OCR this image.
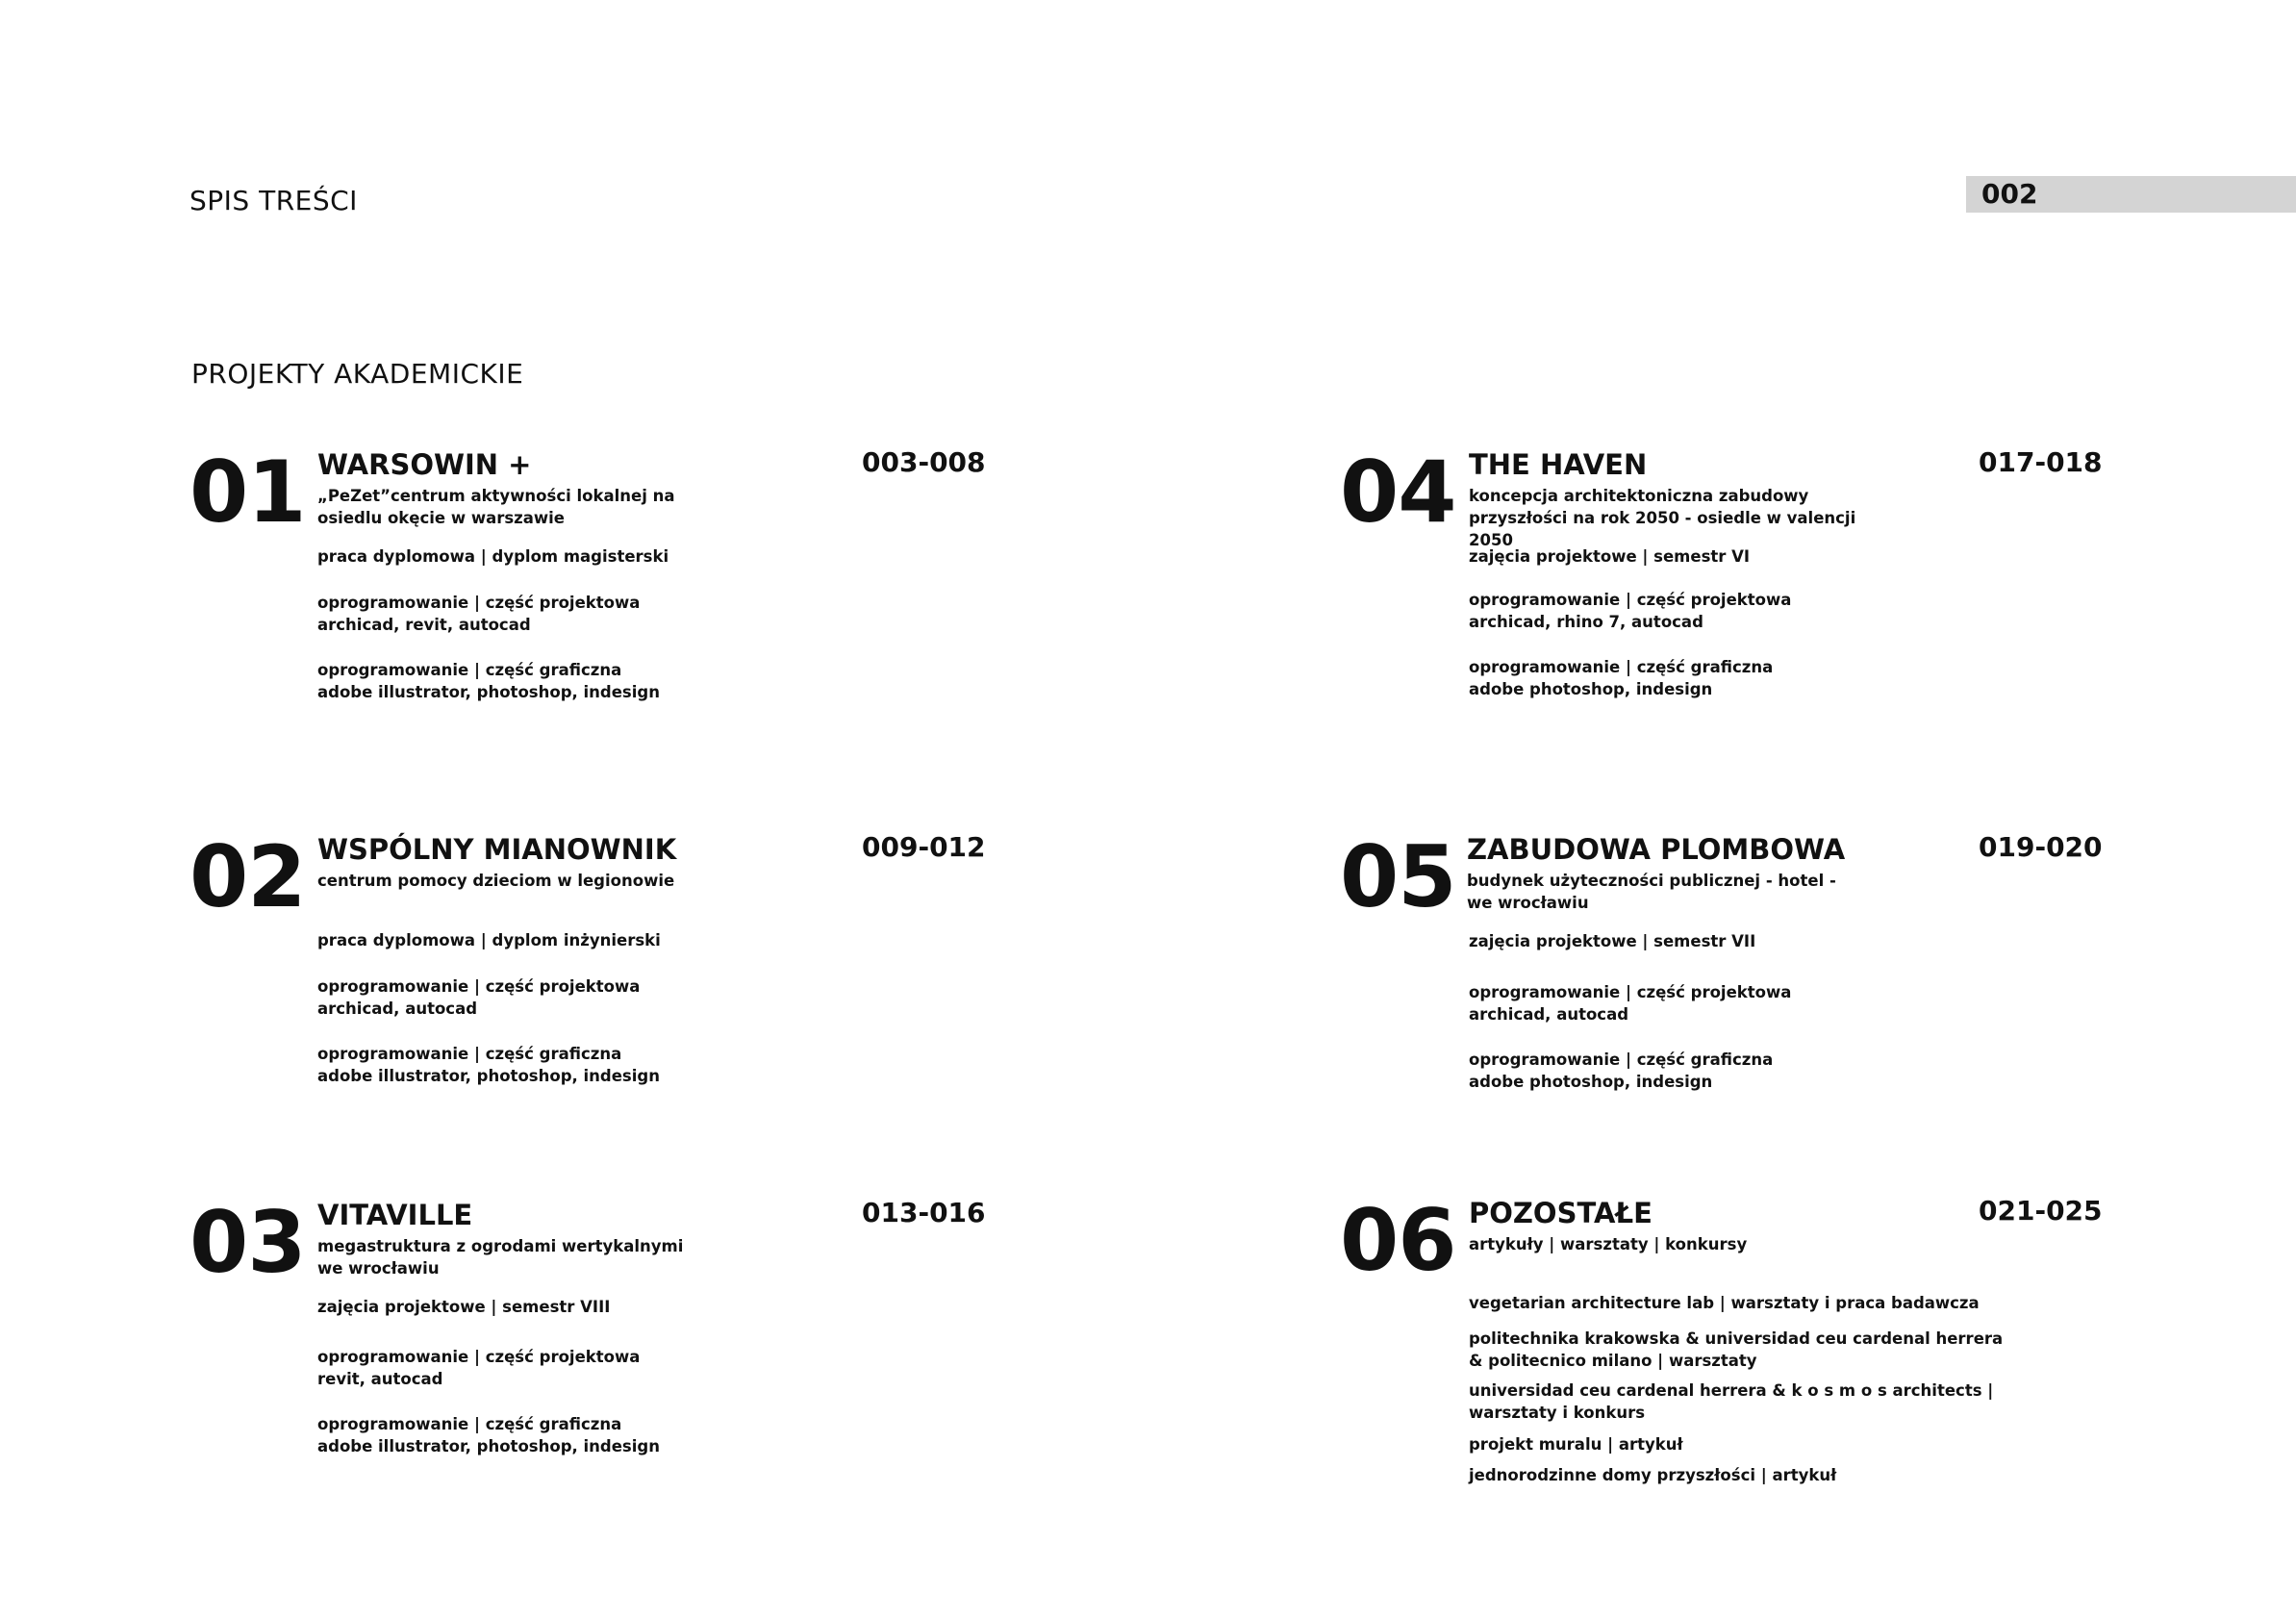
SPIS TREŚCI	002
PROJEKTY AKADEMICKIE
01 WARSOWIN +	003-008
„PeZet”centrum aktywności lokalnej na osiedlu okęcie w warszawie
praca dyplomowa | dyplom magisterski
oprogramowanie | część projektowa
archicad, revit, autocad
oprogramowanie | część graficzna
adobe illustrator, photoshop, indesign
02 WSPÓLNY MIANOWNIK	009-012
centrum pomocy dzieciom w legionowie
praca dyplomowa | dyplom inżynierski
oprogramowanie | część projektowa
archicad, autocad
oprogramowanie | część graficzna
adobe illustrator, photoshop, indesign
03 VITAVILLE	013-016
megastruktura z ogrodami wertykalnymi we wrocławiu
zajęcia projektowe | semestr VIII
oprogramowanie | część projektowa
revit, autocad
oprogramowanie | część graficzna
adobe illustrator, photoshop, indesign
04 THE HAVEN	017-018
koncepcja architektoniczna zabudowy przyszłości na rok 2050 - osiedle w valencji 2050
zajęcia projektowe | semestr VI
oprogramowanie | część projektowa
archicad, rhino 7, autocad
oprogramowanie | część graficzna
adobe photoshop, indesign
05 ZABUDOWA PLOMBOWA	019-020
budynek użyteczności publicznej - hotel - we wrocławiu
zajęcia projektowe | semestr VII
oprogramowanie | część projektowa
archicad, autocad
oprogramowanie | część graficzna
adobe photoshop, indesign
06 POZOSTAŁE	021-025
artykuły | warsztaty | konkursy
vegetarian architecture lab | warsztaty i praca badawcza
politechnika krakowska & universidad ceu cardenal herrera
& politecnico milano | warsztaty
universidad ceu cardenal herrera & k o s m o s architects |
warsztaty i konkurs
projekt muralu | artykuł
jednorodzinne domy przyszłości | artykuł
